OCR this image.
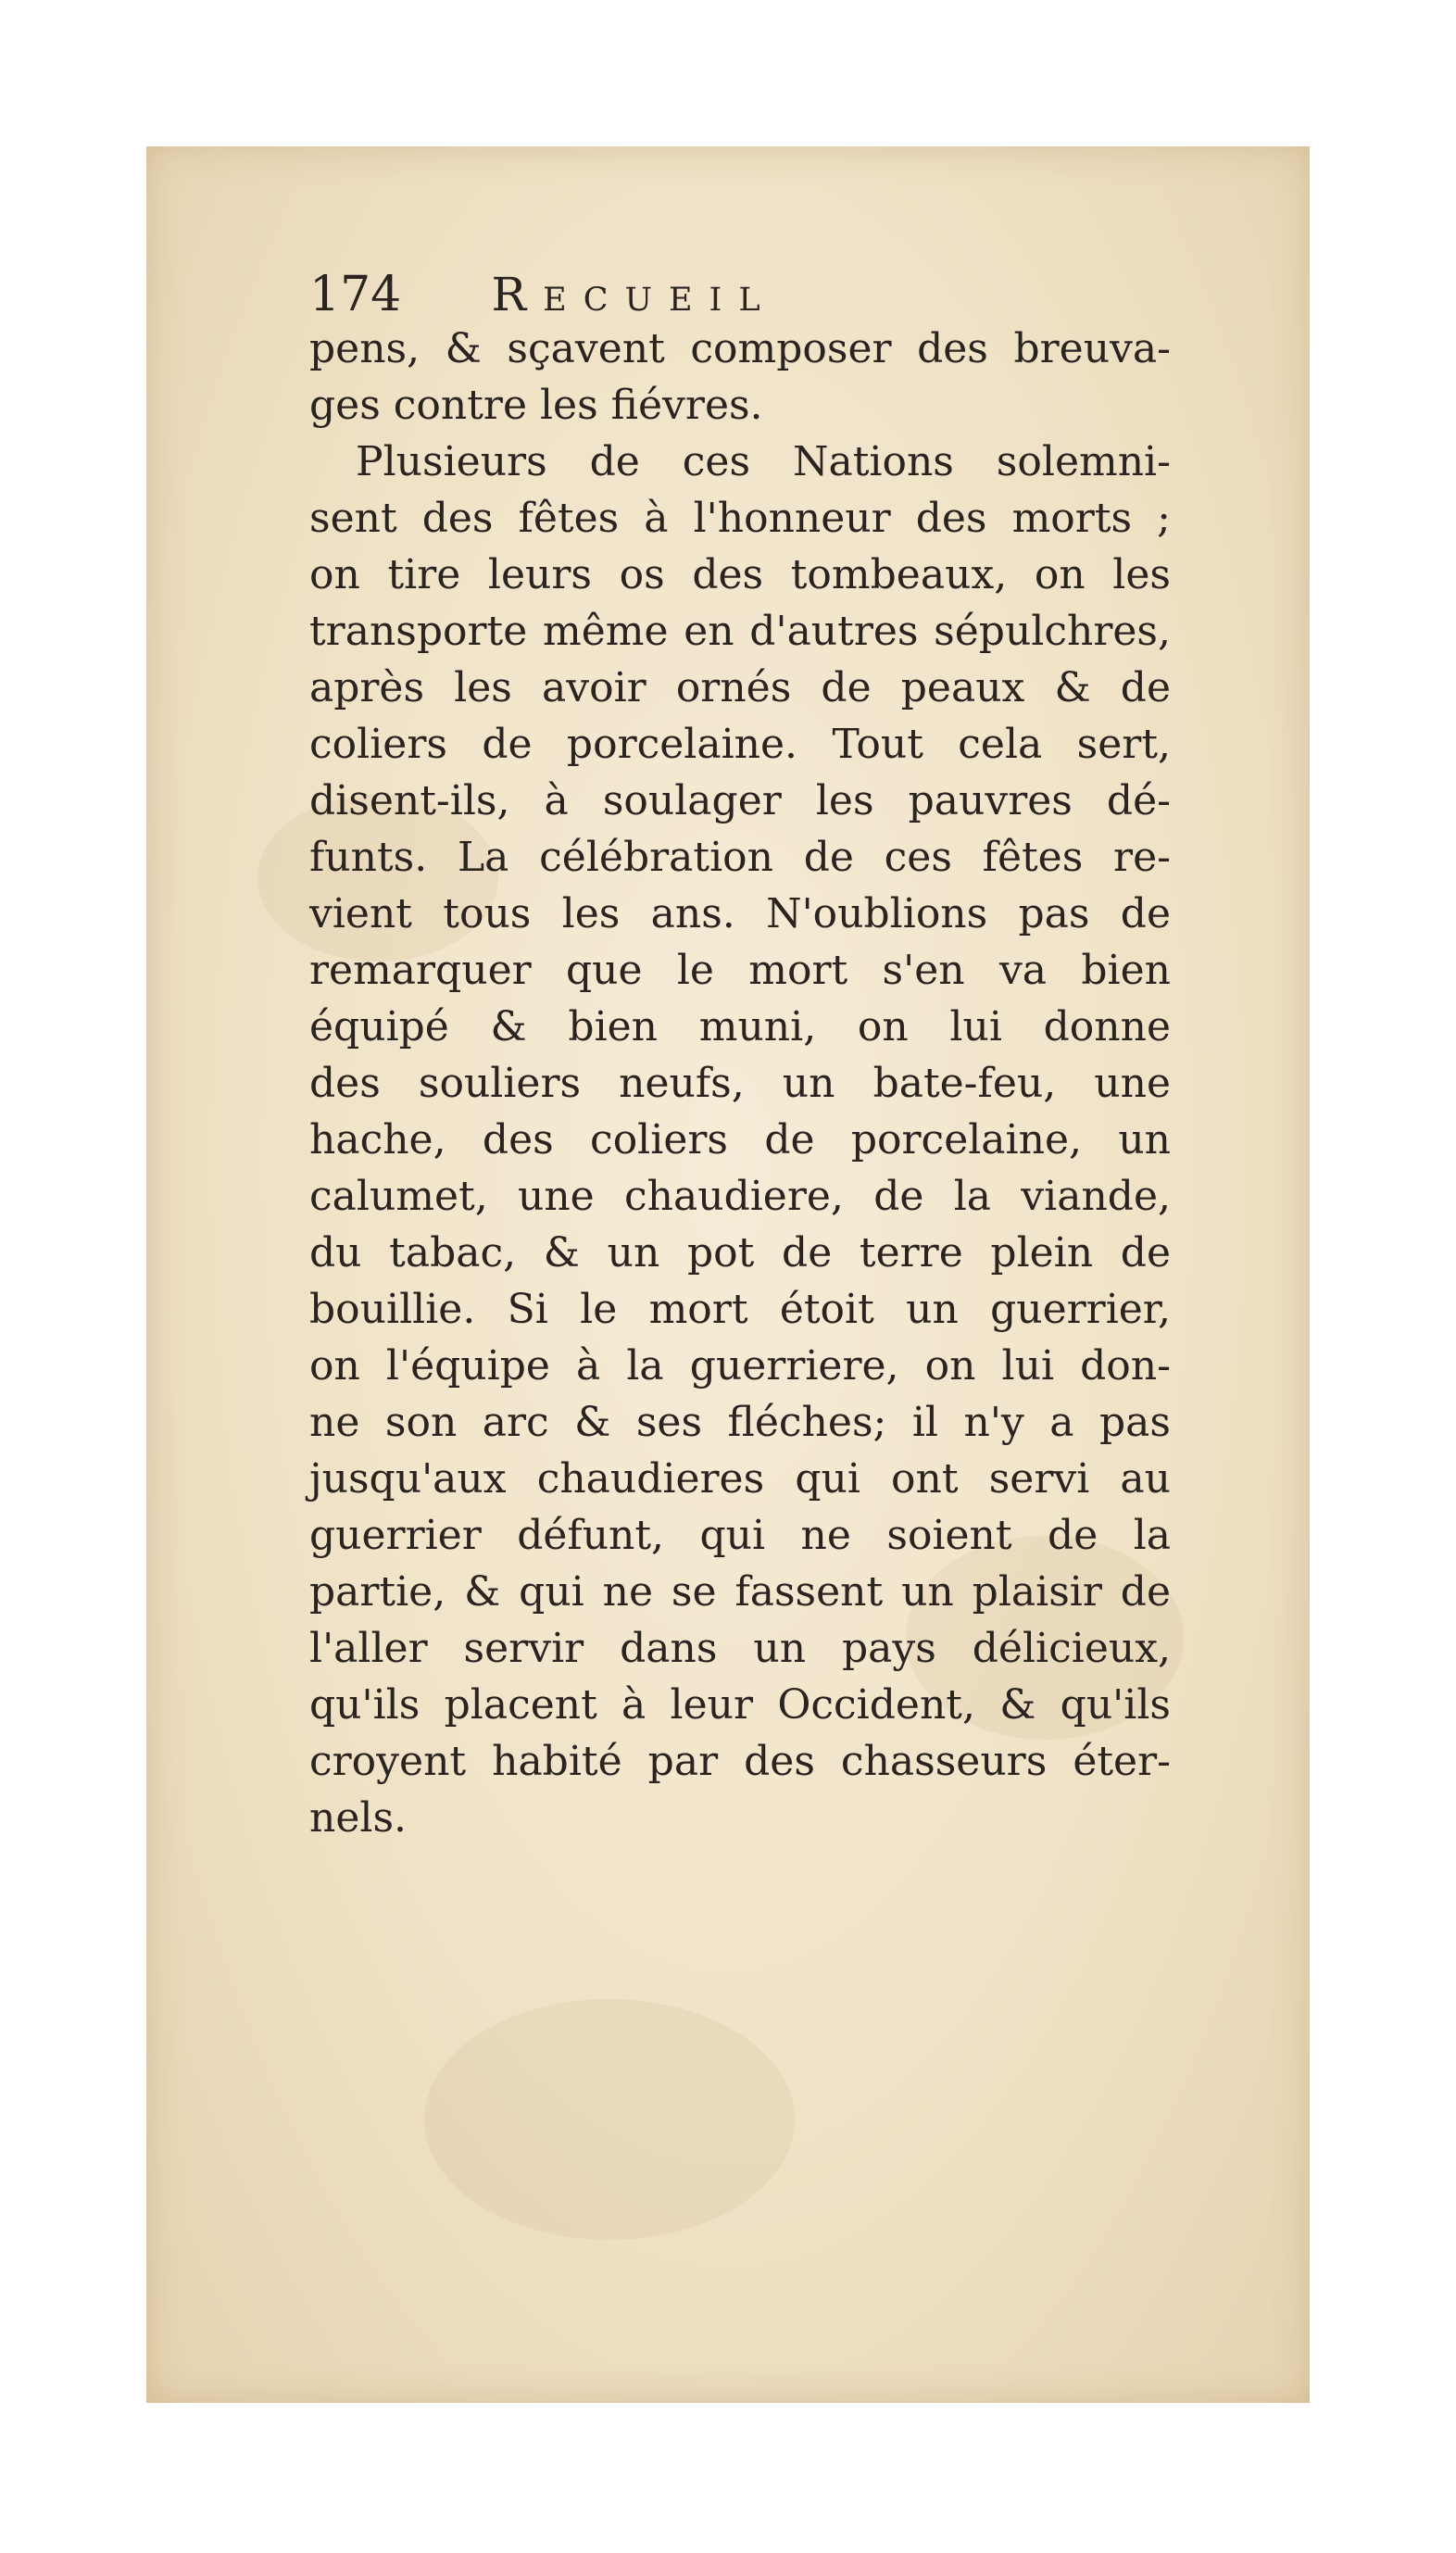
174 Recueil
pens, & sçavent composer des breuva-
ges contre les fiévres.
Plusieurs de ces Nations solemni-
sent des fêtes à l'honneur des morts ;
on tire leurs os des tombeaux, on les
transporte même en d'autres sépulchres,
après les avoir ornés de peaux & de
coliers de porcelaine. Tout cela sert,
disent-ils, à soulager les pauvres dé-
funts. La célébration de ces fêtes re-
vient tous les ans. N'oublions pas de
remarquer que le mort s'en va bien
équipé & bien muni, on lui donne
des souliers neufs, un bate-feu, une
hache, des coliers de porcelaine, un
calumet, une chaudiere, de la viande,
du tabac, & un pot de terre plein de
bouillie. Si le mort étoit un guerrier,
on l'équipe à la guerriere, on lui don-
ne son arc & ses fléches; il n'y a pas
jusqu'aux chaudieres qui ont servi au
guerrier défunt, qui ne soient de la
partie, & qui ne se fassent un plaisir de
l'aller servir dans un pays délicieux,
qu'ils placent à leur Occident, & qu'ils
croyent habité par des chasseurs éter-
nels.
